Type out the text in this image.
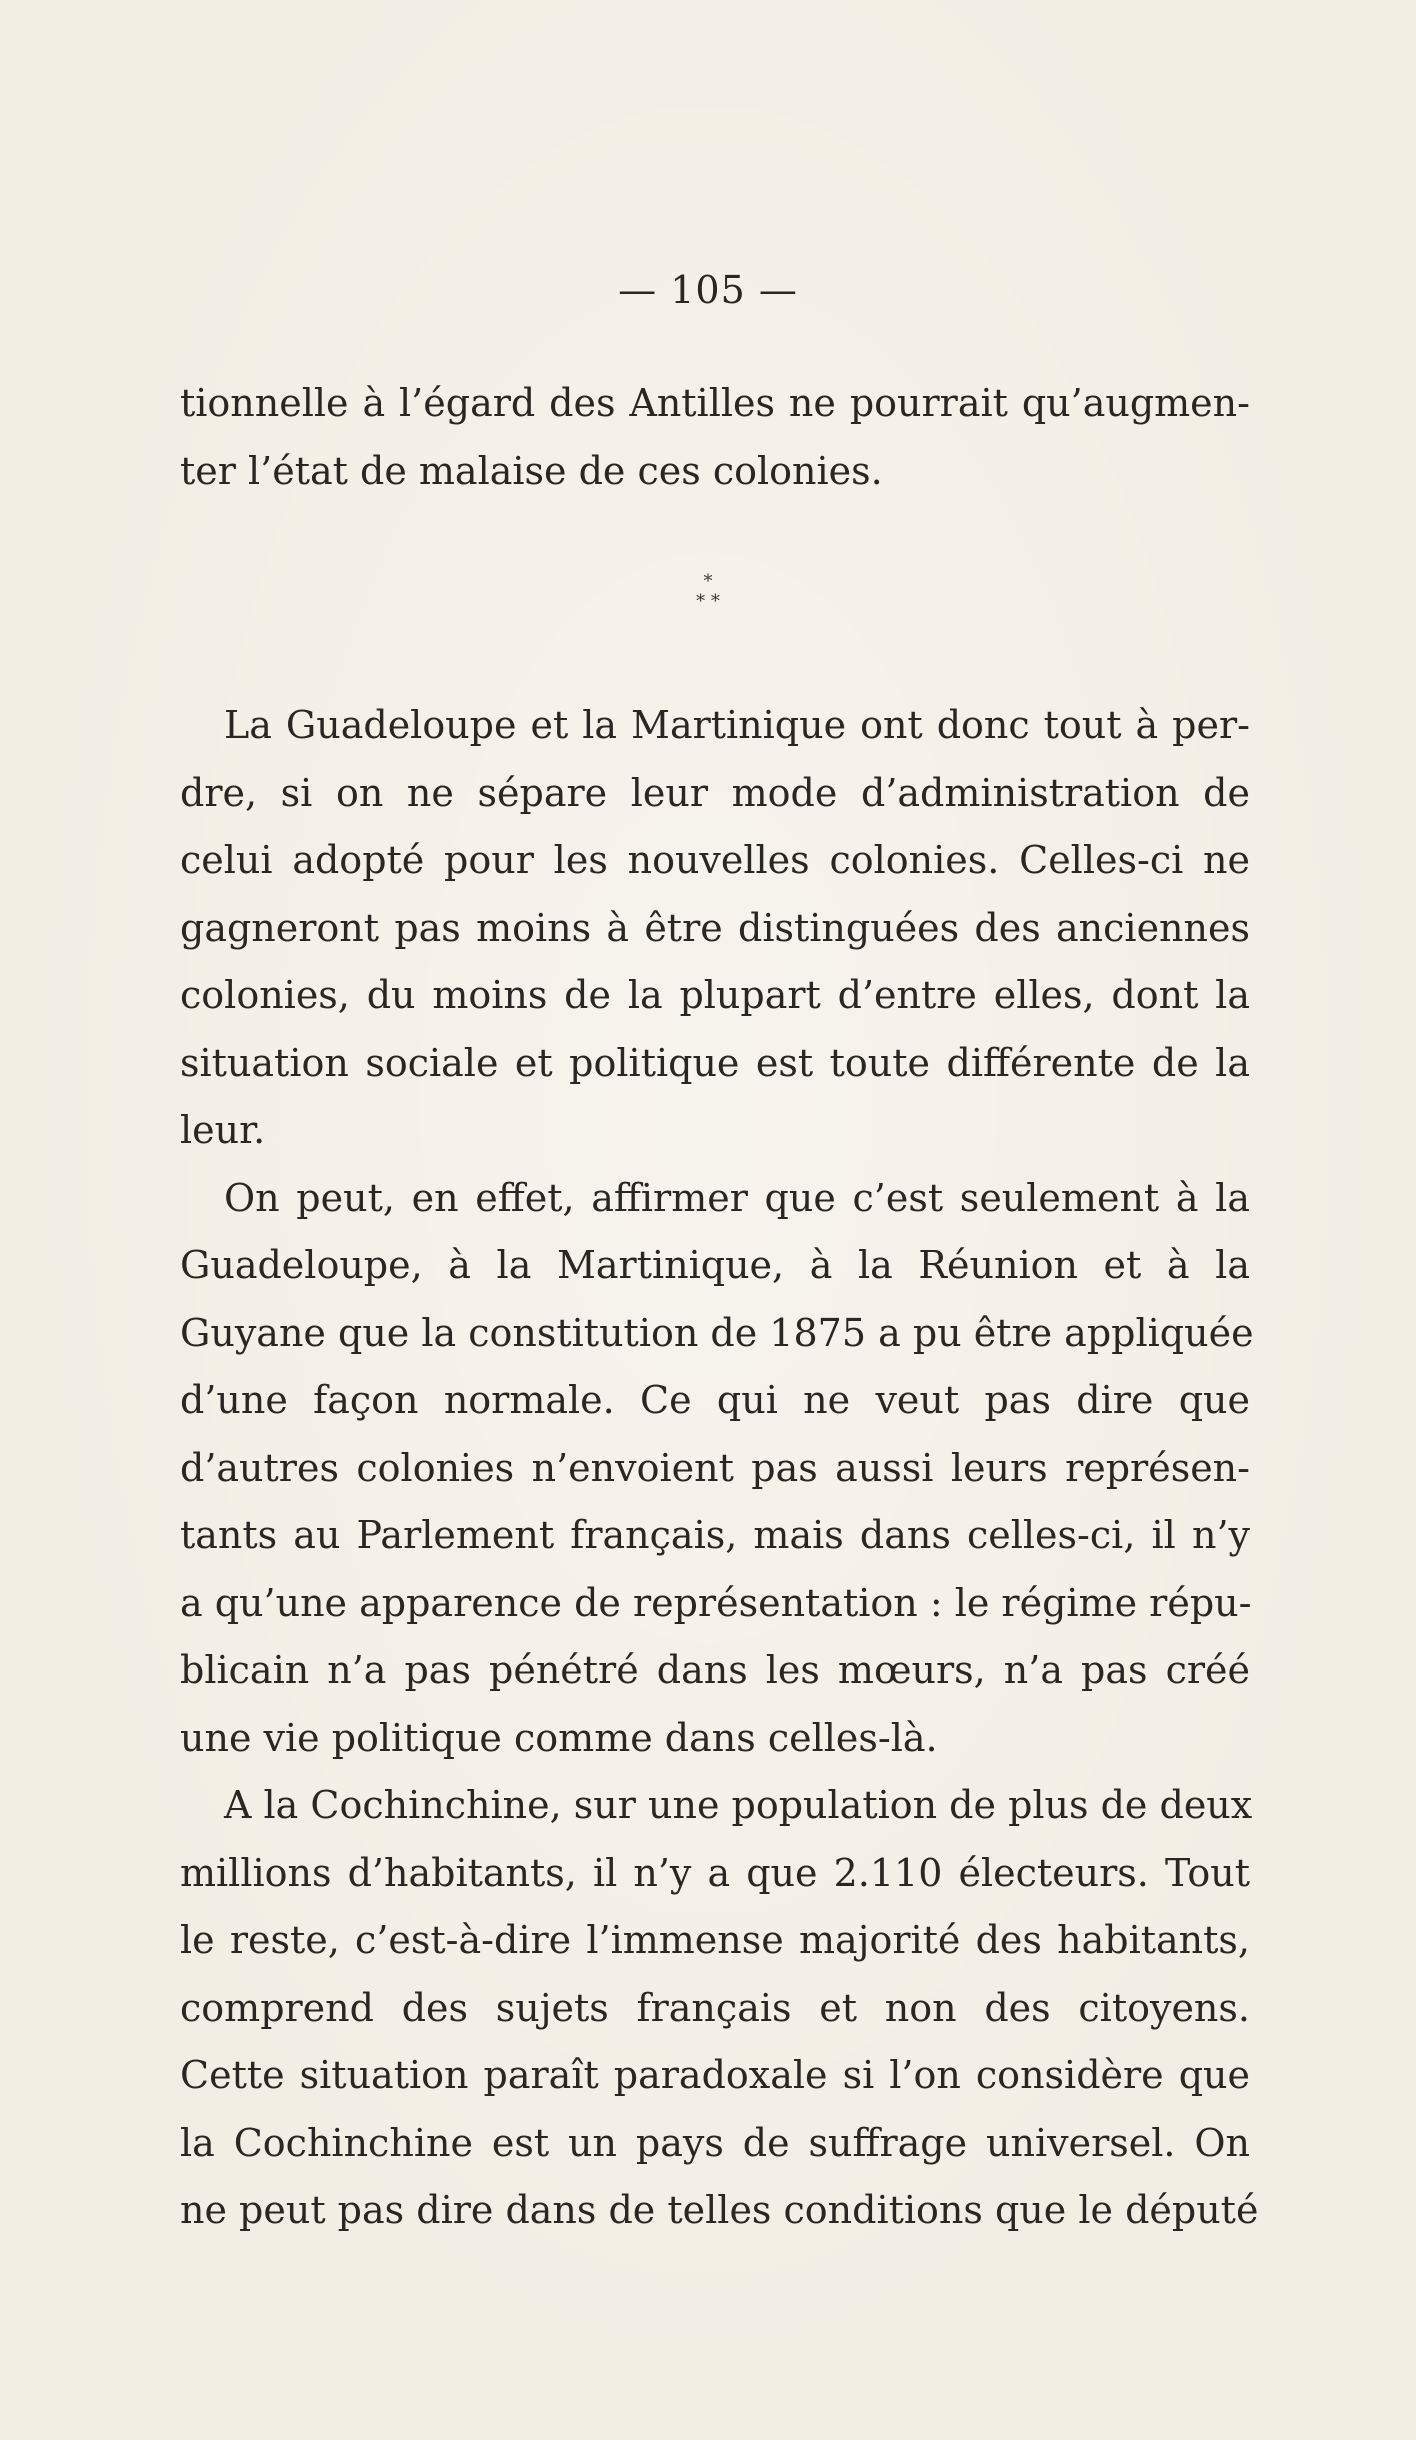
— 105 —
tionnelle à l’égard des Antilles ne pourrait qu’augmen-
ter l’état de malaise de ces colonies.
*
* *
La Guadeloupe et la Martinique ont donc tout à per-
dre, si on ne sépare leur mode d’administration de
celui adopté pour les nouvelles colonies. Celles-ci ne
gagneront pas moins à être distinguées des anciennes
colonies, du moins de la plupart d’entre elles, dont la
situation sociale et politique est toute différente de la
leur.
On peut, en effet, affirmer que c’est seulement à la
Guadeloupe, à la Martinique, à la Réunion et à la
Guyane que la constitution de 1875 a pu être appliquée
d’une façon normale. Ce qui ne veut pas dire que
d’autres colonies n’envoient pas aussi leurs représen-
tants au Parlement français, mais dans celles-ci, il n’y
a qu’une apparence de représentation : le régime répu-
blicain n’a pas pénétré dans les mœurs, n’a pas créé
une vie politique comme dans celles-là.
A la Cochinchine, sur une population de plus de deux
millions d’habitants, il n’y a que 2.110 électeurs. Tout
le reste, c’est-à-dire l’immense majorité des habitants,
comprend des sujets français et non des citoyens.
Cette situation paraît paradoxale si l’on considère que
la Cochinchine est un pays de suffrage universel. On
ne peut pas dire dans de telles conditions que le député
